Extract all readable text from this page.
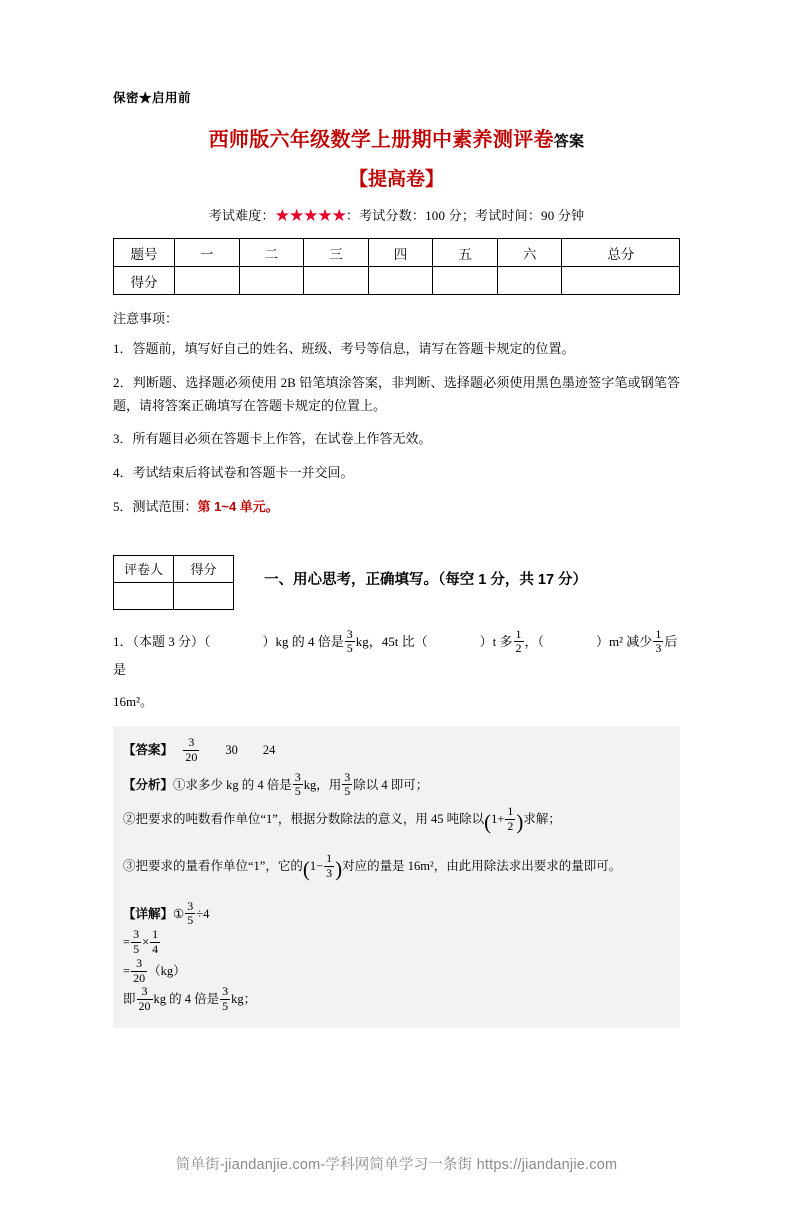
保密★启用前
西师版六年级数学上册期中素养测评卷答案
【提高卷】
考试难度：★★★★★：考试分数：100 分；考试时间：90 分钟
题号	一	二	三	四	五	六	总分
得分							
注意事项：
1．答题前，填写好自己的姓名、班级、考号等信息，请写在答题卡规定的位置。
2．判断题、选择题必须使用 2B 铅笔填涂答案，非判断、选择题必须使用黑色墨迹签字笔或钢笔答题，请将答案正确填写在答题卡规定的位置上。
3．所有题目必须在答题卡上作答，在试卷上作答无效。
4．考试结束后将试卷和答题卡一并交回。
5．测试范围：第 1~4 单元。
评卷人	得分

一、用心思考，正确填写。（每空 1 分，共 17 分）
1．（本题 3 分）（	）kg 的 4 倍是 $\frac{3}{5}$ kg，45t 比（	）t 多 $\frac{1}{2}$ ，（	）m² 减少 $\frac{1}{3}$ 后是
16m²。
【答案】 $\frac{3}{20} 30$ 24
【分析】①求多少 kg 的 4 倍是 $\frac{3}{5}$ kg，用 $\frac{3}{5}$ 除以 4 即可；
②把要求的吨数看作单位“1”，根据分数除法的意义，用 45 吨除以($1+ \frac{1}{2}$ )求解；
③把要求的量看作单位“1”，它的($1- \frac{1}{3}$ )对应的量是 16m²，由此用除法求出要求的量即可。
【详解】① $\frac{3}{5} \div 4$
= $\frac{3}{5} \times \frac{1}{4}$
= $\frac{3}{20} (kg)$
即 $\frac{3}{20}$ kg 的 4 倍是 $\frac{3}{5}$ kg；
简单街-jiandanjie.com-学科网简单学习一条街 https://jiandanjie.com
